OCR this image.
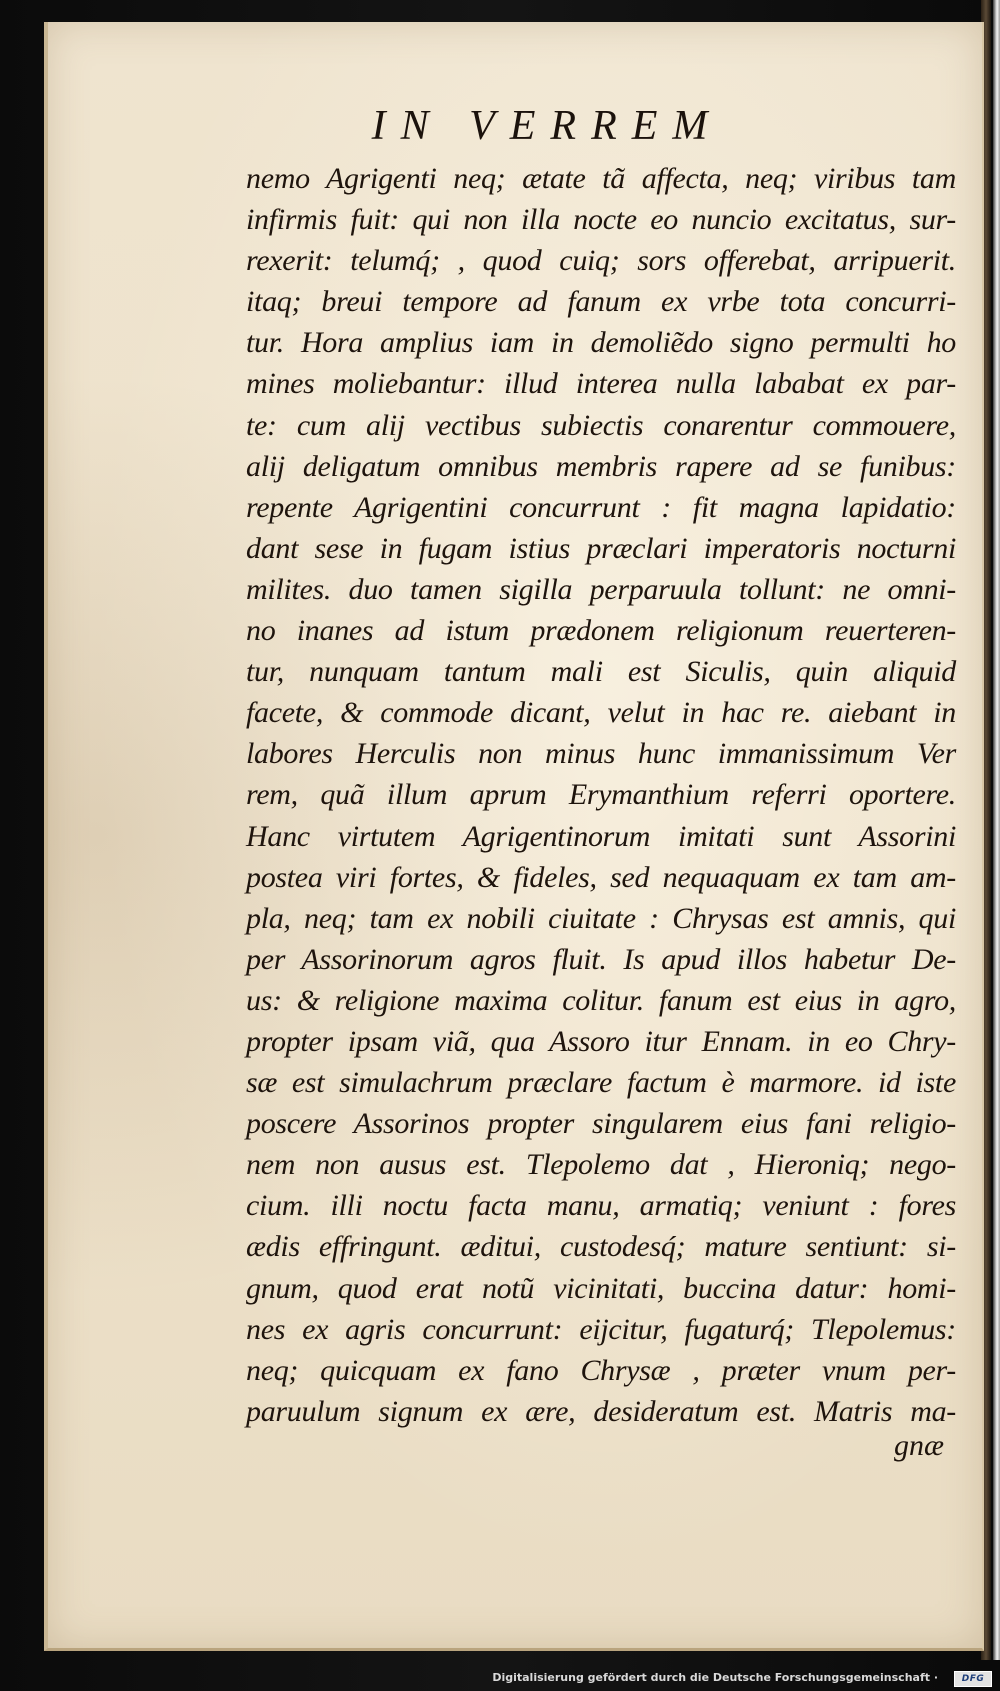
IN VERREM
nemo Agrigenti neq; ætate tã affecta, neq; viribus tam
infirmis fuit: qui non illa nocte eo nuncio excitatus, sur-
rexerit: telumq́; , quod cuiq; sors offerebat, arripuerit.
itaq; breui tempore ad fanum ex vrbe tota concurri-
tur. Hora amplius iam in demoliẽdo signo permulti ho
mines moliebantur: illud interea nulla lababat ex par-
te: cum alij vectibus subiectis conarentur commouere,
alij deligatum omnibus membris rapere ad se funibus:
repente Agrigentini concurrunt : fit magna lapidatio:
dant sese in fugam istius præclari imperatoris nocturni
milites. duo tamen sigilla perparuula tollunt: ne omni-
no inanes ad istum prædonem religionum reuerteren-
tur, nunquam tantum mali est Siculis, quin aliquid
facete, & commode dicant, velut in hac re. aiebant in
labores Herculis non minus hunc immanissimum Ver
rem, quã illum aprum Erymanthium referri oportere.
Hanc virtutem Agrigentinorum imitati sunt Assorini
postea viri fortes, & fideles, sed nequaquam ex tam am-
pla, neq; tam ex nobili ciuitate : Chrysas est amnis, qui
per Assorinorum agros fluit. Is apud illos habetur De-
us: & religione maxima colitur. fanum est eius in agro,
propter ipsam viã, qua Assoro itur Ennam. in eo Chry-
sæ est simulachrum præclare factum è marmore. id iste
poscere Assorinos propter singularem eius fani religio-
nem non ausus est. Tlepolemo dat , Hieroniq; nego-
cium. illi noctu facta manu, armatiq; veniunt : fores
ædis effringunt. æditui, custodesq́; mature sentiunt: si-
gnum, quod erat notũ vicinitati, buccina datur: homi-
nes ex agris concurrunt: eijcitur, fugaturq́; Tlepolemus:
neq; quicquam ex fano Chrysæ , præter vnum per-
paruulum signum ex ære, desideratum est. Matris ma-
gnæ
Digitalisierung gefördert durch die Deutsche Forschungsgemeinschaft ·	DFG
